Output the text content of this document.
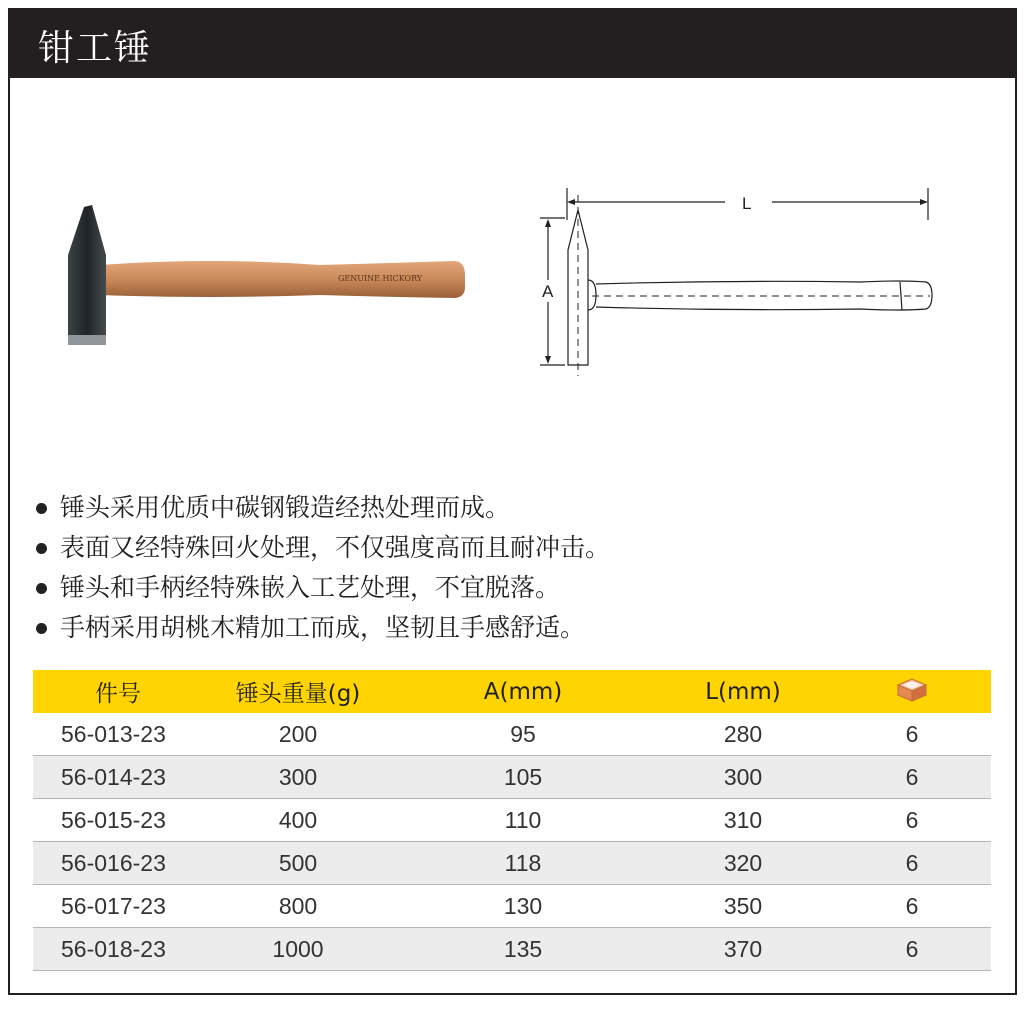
钳工锤
GENUINE HICKORY
L
A
锤头采用优质中碳钢锻造经热处理而成。
表面又经特殊回火处理，不仅强度高而且耐冲击。
锤头和手柄经特殊嵌入工艺处理，不宜脱落。
手柄采用胡桃木精加工而成，坚韧且手感舒适。
件号	锤头重量(g)	A(mm)	L(mm)	
56-013-23	200	95	280	6
56-014-23	300	105	300	6
56-015-23	400	110	310	6
56-016-23	500	118	320	6
56-017-23	800	130	350	6
56-018-23	1000	135	370	6
